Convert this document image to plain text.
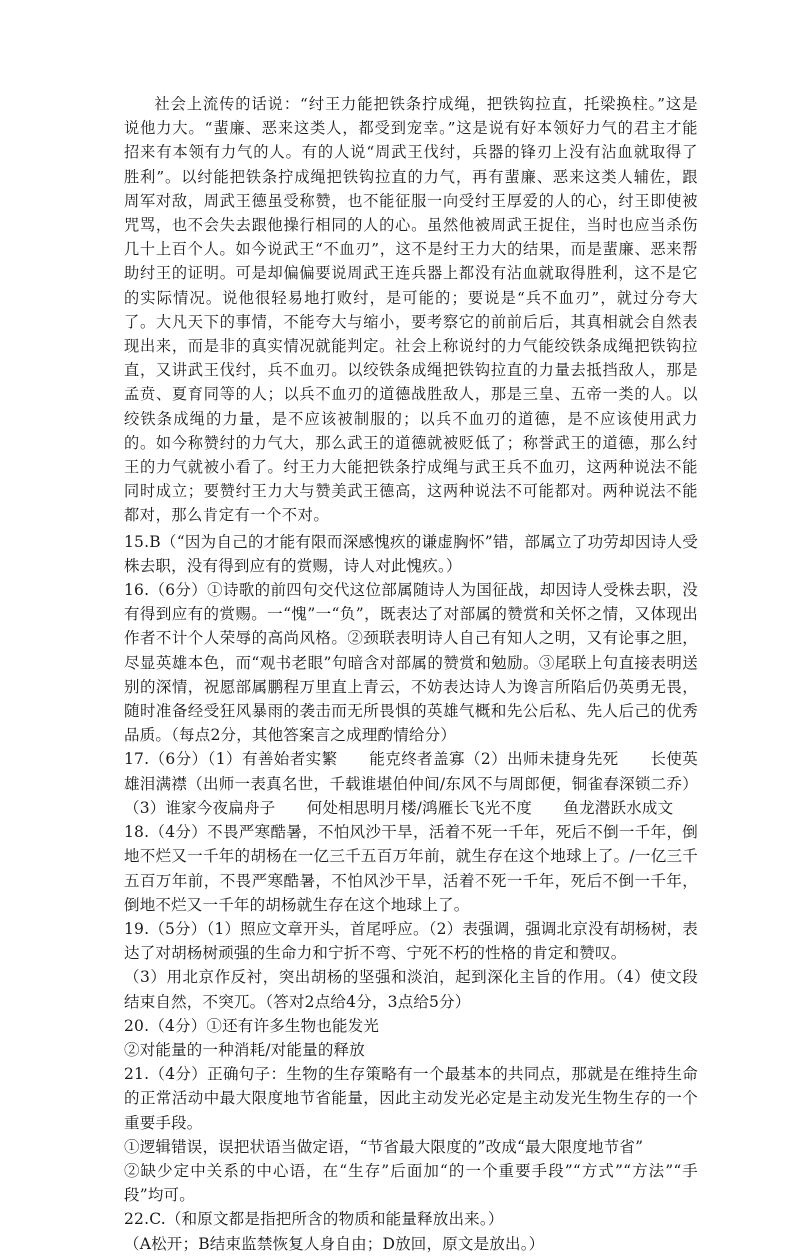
社会上流传的话说：“纣王力能把铁条拧成绳，把铁钩拉直，托梁换柱。”这是说他力大。“蜚廉、恶来这类人，都受到宠幸。”这是说有好本领好力气的君主才能招来有本领有力气的人。有的人说“周武王伐纣，兵器的锋刃上没有沾血就取得了胜利”。以纣能把铁条拧成绳把铁钩拉直的力气，再有蜚廉、恶来这类人辅佐，跟周军对敌，周武王德虽受称赞，也不能征服一向受纣王厚爱的人的心，纣王即使被咒骂，也不会失去跟他操行相同的人的心。虽然他被周武王捉住，当时也应当杀伤几十上百个人。如今说武王“不血刃”，这不是纣王力大的结果，而是蜚廉、恶来帮助纣王的证明。可是却偏偏要说周武王连兵器上都没有沾血就取得胜利，这不是它的实际情况。说他很轻易地打败纣，是可能的；要说是“兵不血刃”，就过分夸大了。大凡天下的事情，不能夸大与缩小，要考察它的前前后后，其真相就会自然表现出来，而是非的真实情况就能判定。社会上称说纣的力气能绞铁条成绳把铁钩拉直，又讲武王伐纣，兵不血刃。以绞铁条成绳把铁钩拉直的力量去抵挡敌人，那是孟贲、夏育同等的人；以兵不血刃的道德战胜敌人，那是三皇、五帝一类的人。以绞铁条成绳的力量，是不应该被制服的；以兵不血刃的道德，是不应该使用武力的。如今称赞纣的力气大，那么武王的道德就被贬低了；称誉武王的道德，那么纣王的力气就被小看了。纣王力大能把铁条拧成绳与武王兵不血刃，这两种说法不能同时成立；要赞纣王力大与赞美武王德高，这两种说法不可能都对。两种说法不能都对，那么肯定有一个不对。

15.B（“因为自己的才能有限而深感愧疚的谦虚胸怀”错，部属立了功劳却因诗人受株去职，没有得到应有的赏赐，诗人对此愧疚。）

16.（6分）①诗歌的前四句交代这位部属随诗人为国征战，却因诗人受株去职，没有得到应有的赏赐。一“愧”一“负”，既表达了对部属的赞赏和关怀之情，又体现出作者不计个人荣辱的高尚风格。②颈联表明诗人自己有知人之明，又有论事之胆，尽显英雄本色，而“观书老眼”句暗含对部属的赞赏和勉励。③尾联上句直接表明送别的深情，祝愿部属鹏程万里直上青云，不妨表达诗人为谗言所陷后仍英勇无畏，随时准备经受狂风暴雨的袭击而无所畏惧的英雄气概和先公后私、先人后己的优秀品质。（每点2分，其他答案言之成理酌情给分）

17.（6分）（1）有善始者实繁　　能克终者盖寡（2）出师未捷身先死　　长使英雄泪满襟（出师一表真名世，千载谁堪伯仲间/东风不与周郎便，铜雀春深锁二乔）（3）谁家今夜扁舟子　　何处相思明月楼/鸿雁长飞光不度　　鱼龙潜跃水成文

18.（4分）不畏严寒酷暑，不怕风沙干旱，活着不死一千年，死后不倒一千年，倒地不烂又一千年的胡杨在一亿三千五百万年前，就生存在这个地球上了。/一亿三千五百万年前，不畏严寒酷暑，不怕风沙干旱，活着不死一千年，死后不倒一千年，倒地不烂又一千年的胡杨就生存在这个地球上了。

19.（5分）（1）照应文章开头，首尾呼应。（2）表强调，强调北京没有胡杨树，表达了对胡杨树顽强的生命力和宁折不弯、宁死不朽的性格的肯定和赞叹。

（3）用北京作反衬，突出胡杨的坚强和淡泊，起到深化主旨的作用。（4）使文段结束自然，不突兀。（答对2点给4分，3点给5分）

20.（4分）①还有许多生物也能发光

②对能量的一种消耗/对能量的释放

21.（4分）正确句子：生物的生存策略有一个最基本的共同点，那就是在维持生命的正常活动中最大限度地节省能量，因此主动发光必定是主动发光生物生存的一个重要手段。

①逻辑错误，误把状语当做定语，“节省最大限度的”改成“最大限度地节省”

②缺少定中关系的中心语，在“生存”后面加“的一个重要手段”“方式”“方法”“手段”均可。

22.C.（和原文都是指把所含的物质和能量释放出来。）

（A松开；B结束监禁恢复人身自由；D放回，原文是放出。）
